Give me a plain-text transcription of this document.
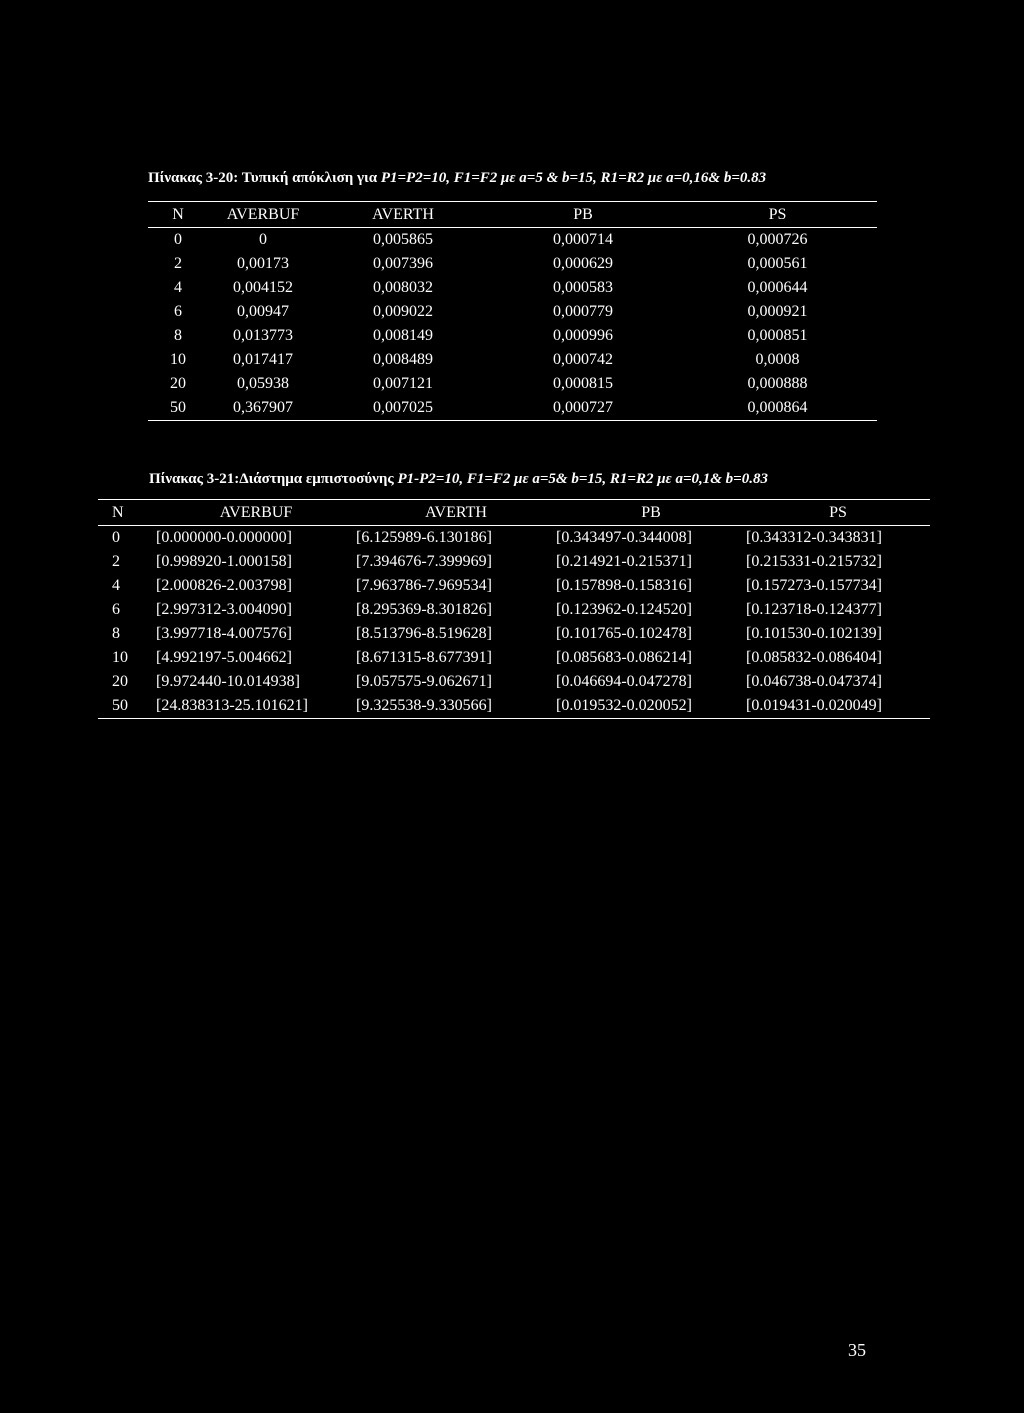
Πίνακας 3-20: Τυπική απόκλιση για P1=P2=10, F1=F2 με a=5 & b=15, R1=R2 με a=0,16& b=0.83
N	AVERBUF	AVERTH	PB	PS
0	0	0,005865	0,000714	0,000726
2	0,00173	0,007396	0,000629	0,000561
4	0,004152	0,008032	0,000583	0,000644
6	0,00947	0,009022	0,000779	0,000921
8	0,013773	0,008149	0,000996	0,000851
10	0,017417	0,008489	0,000742	0,0008
20	0,05938	0,007121	0,000815	0,000888
50	0,367907	0,007025	0,000727	0,000864
Πίνακας 3-21:Διάστημα εμπιστοσύνης P1-P2=10, F1=F2 με a=5& b=15, R1=R2 με a=0,1& b=0.83
N	AVERBUF	AVERTH	PB	PS
0	[0.000000-0.000000]	[6.125989-6.130186]	[0.343497-0.344008]	[0.343312-0.343831]
2	[0.998920-1.000158]	[7.394676-7.399969]	[0.214921-0.215371]	[0.215331-0.215732]
4	[2.000826-2.003798]	[7.963786-7.969534]	[0.157898-0.158316]	[0.157273-0.157734]
6	[2.997312-3.004090]	[8.295369-8.301826]	[0.123962-0.124520]	[0.123718-0.124377]
8	[3.997718-4.007576]	[8.513796-8.519628]	[0.101765-0.102478]	[0.101530-0.102139]
10	[4.992197-5.004662]	[8.671315-8.677391]	[0.085683-0.086214]	[0.085832-0.086404]
20	[9.972440-10.014938]	[9.057575-9.062671]	[0.046694-0.047278]	[0.046738-0.047374]
50	[24.838313-25.101621]	[9.325538-9.330566]	[0.019532-0.020052]	[0.019431-0.020049]
35
